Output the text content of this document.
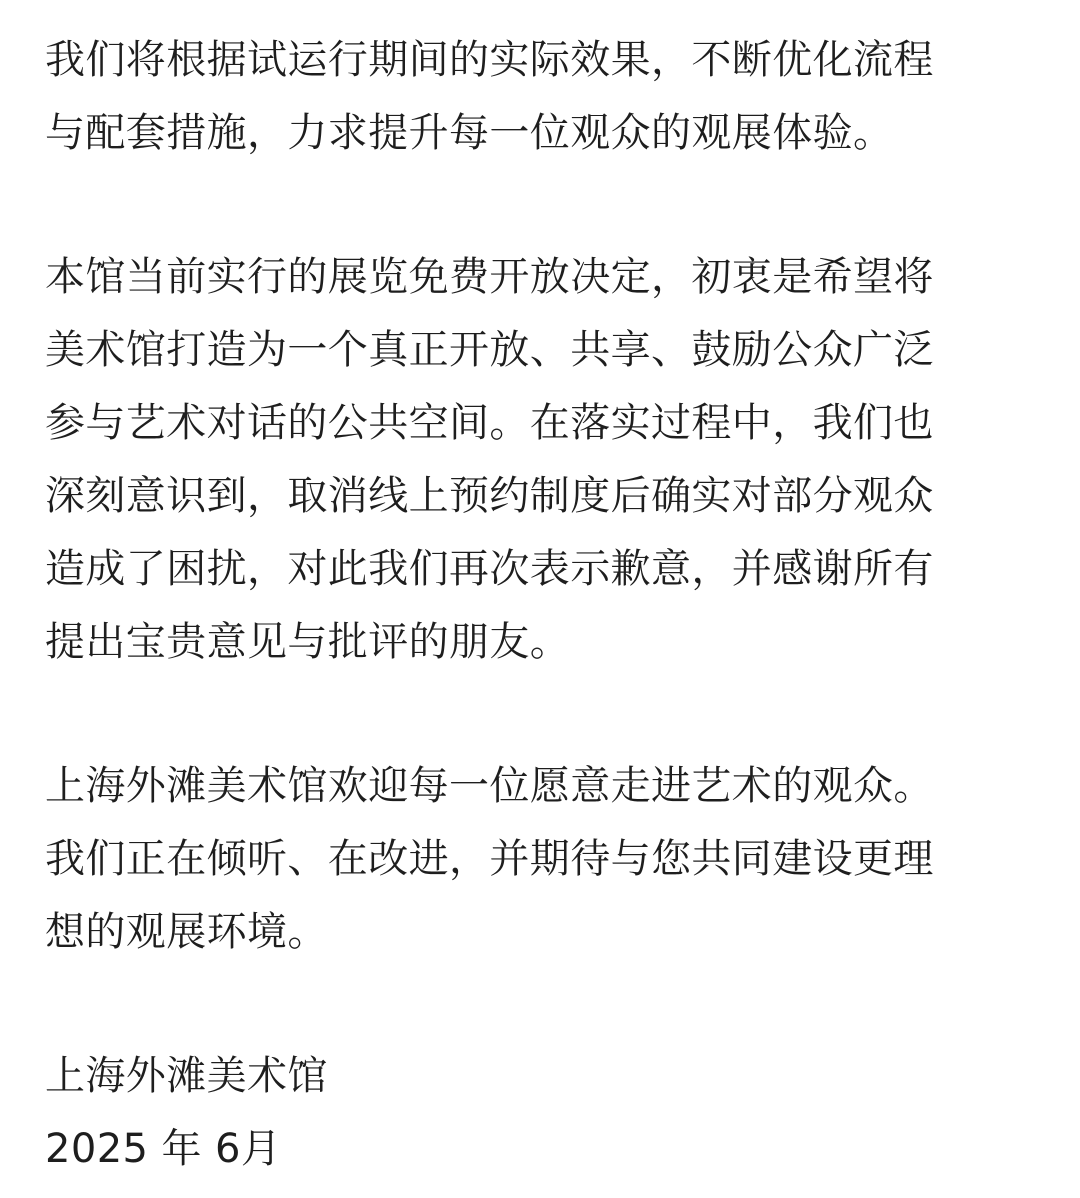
我们将根据试运行期间的实际效果，不断优化流程
与配套措施，力求提升每一位观众的观展体验。
本馆当前实行的展览免费开放决定，初衷是希望将
美术馆打造为一个真正开放、共享、鼓励公众广泛
参与艺术对话的公共空间。在落实过程中，我们也
深刻意识到，取消线上预约制度后确实对部分观众
造成了困扰，对此我们再次表示歉意，并感谢所有
提出宝贵意见与批评的朋友。
上海外滩美术馆欢迎每一位愿意走进艺术的观众。
我们正在倾听、在改进，并期待与您共同建设更理
想的观展环境。
上海外滩美术馆
2025 年 6月
